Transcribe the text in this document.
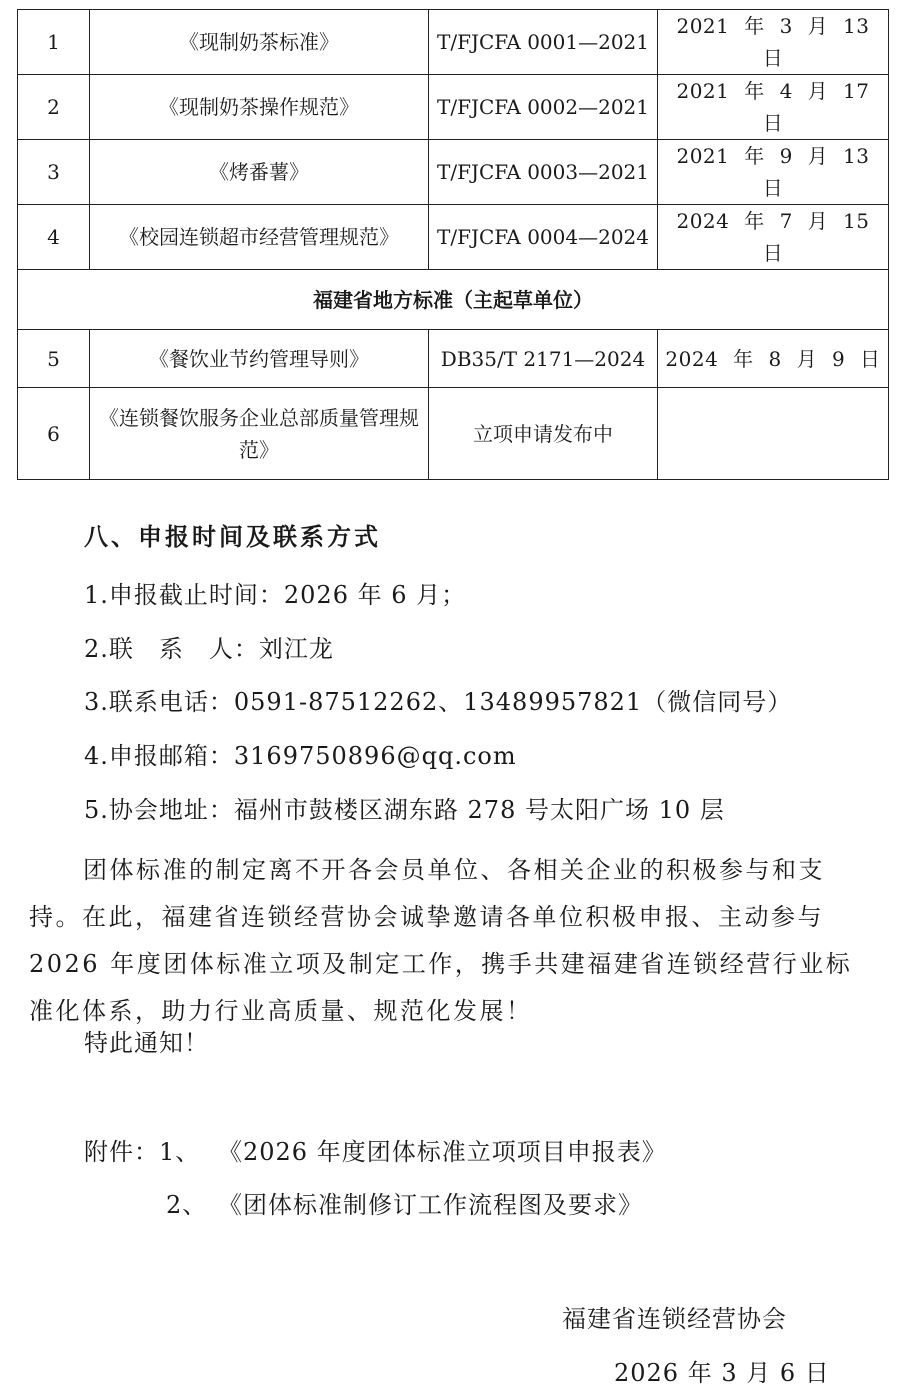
1	《现制奶茶标准》	T/FJCFA 0001—2021	2021 年 3 月 13 日
2	《现制奶茶操作规范》	T/FJCFA 0002—2021	2021 年 4 月 17 日
3	《烤番薯》	T/FJCFA 0003—2021	2021 年 9 月 13 日
4	《校园连锁超市经营管理规范》	T/FJCFA 0004—2024	2024 年 7 月 15 日
福建省地方标准（主起草单位）			
5	《餐饮业节约管理导则》	DB35/T 2171—2024	2024 年 8 月 9 日
6	《连锁餐饮服务企业总部质量管理规范》	立项申请发布中	
八、申报时间及联系方式
1.申报截止时间：2026 年 6 月；
2.联　系　人：刘江龙
3.联系电话：0591-87512262、13489957821（微信同号）
4.申报邮箱：3169750896@qq.com
5.协会地址：福州市鼓楼区湖东路 278 号太阳广场 10 层
团体标准的制定离不开各会员单位、各相关企业的积极参与和支持。在此，福建省连锁经营协会诚挚邀请各单位积极申报、主动参与 2026 年度团体标准立项及制定工作，携手共建福建省连锁经营行业标准化体系，助力行业高质量、规范化发展！
特此通知！
附件：1、 《2026 年度团体标准立项项目申报表》
2、 《团体标准制修订工作流程图及要求》
福建省连锁经营协会
2026 年 3 月 6 日
